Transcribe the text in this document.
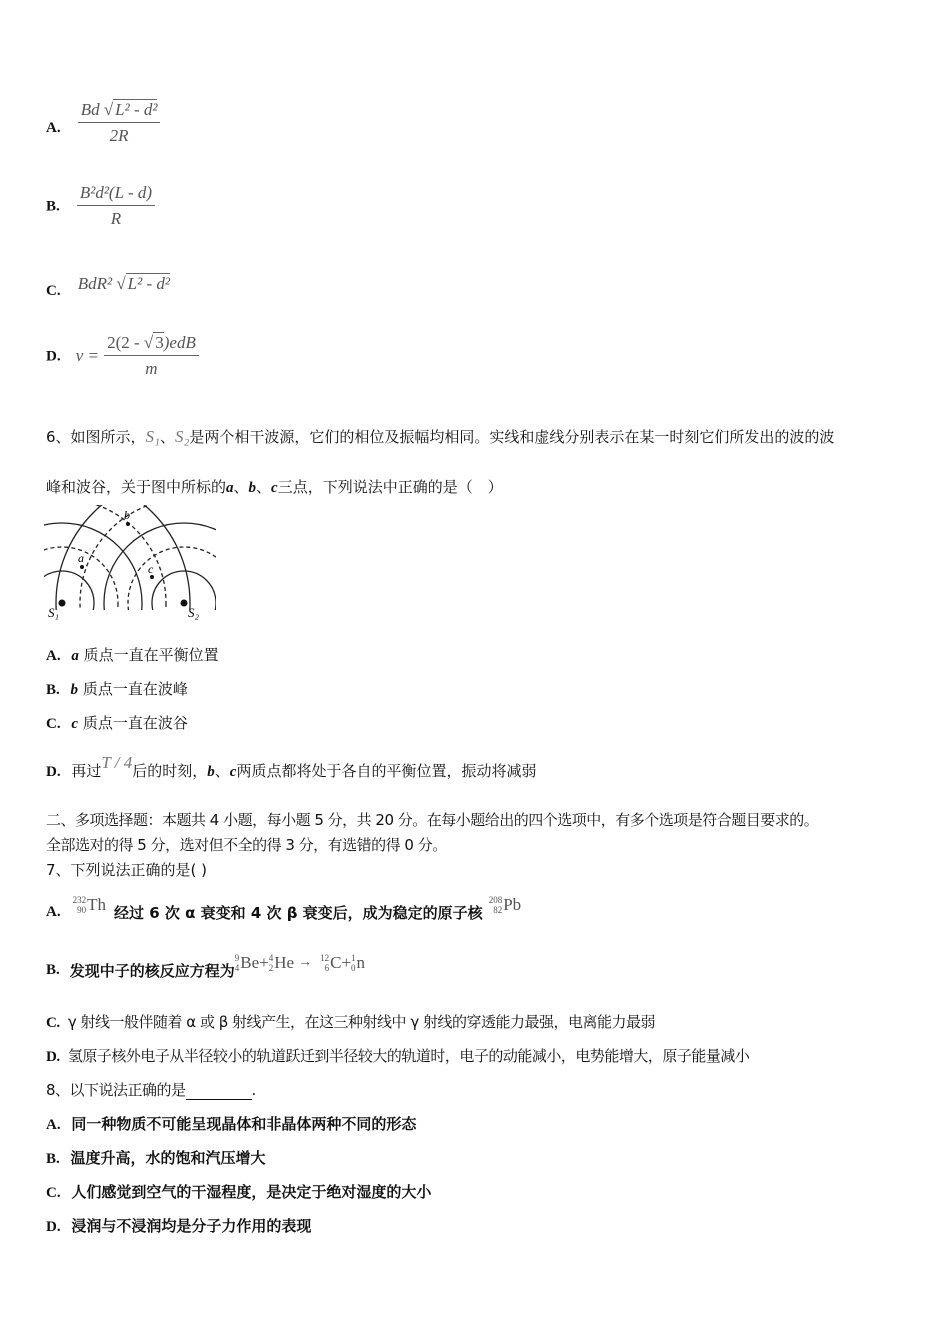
A. $\frac{\text{Bd √ L² - d²}}{2R}$
B. $\frac{\text{B²d²(L - d)}}{R}$
C. BdR² √ L² - d²
D. $v = \frac{\text{2(2 - √ 3)edB}}{m}$
6、如图所示，S₁、S₂是两个相干波源，它们的相位及振幅均相同。实线和虚线分别表示在某一时刻它们所发出的波的波
峰和波谷，关于图中所标的a、b、c三点，下列说法中正确的是（　）
a
b
c
S₁	S₂
A. a 质点一直在平衡位置
B. b 质点一直在波峰
C. c 质点一直在波谷
D. 再过T / 4后的时刻，b、c两质点都将处于各自的平衡位置，振动将减弱
二、多项选择题：本题共 4 小题，每小题 5 分，共 20 分。在每小题给出的四个选项中，有多个选项是符合题目要求的。
全部选对的得 5 分，选对但不全的得 3 分，有选错的得 0 分。
7、下列说法正确的是( )
A.
232
90 Th 经过 6 次 α 衰变和 4 次 β 衰变后，成为稳定的原子核
208
82 Pb
B. 发现中子的核反应方程为
9
4 Be + 4
2 He → 12
6 C + 1
0 n
C. γ 射线一般伴随着 α 或 β 射线产生，在这三种射线中 γ 射线的穿透能力最强，电离能力最弱
D. 氢原子核外电子从半径较小的轨道跃迁到半径较大的轨道时，电子的动能减小，电势能增大，原子能量减小
8、以下说法正确的是	.
A. 同一种物质不可能呈现晶体和非晶体两种不同的形态
B. 温度升高，水的饱和汽压增大
C. 人们感觉到空气的干湿程度，是决定于绝对湿度的大小
D. 浸润与不浸润均是分子力作用的表现
